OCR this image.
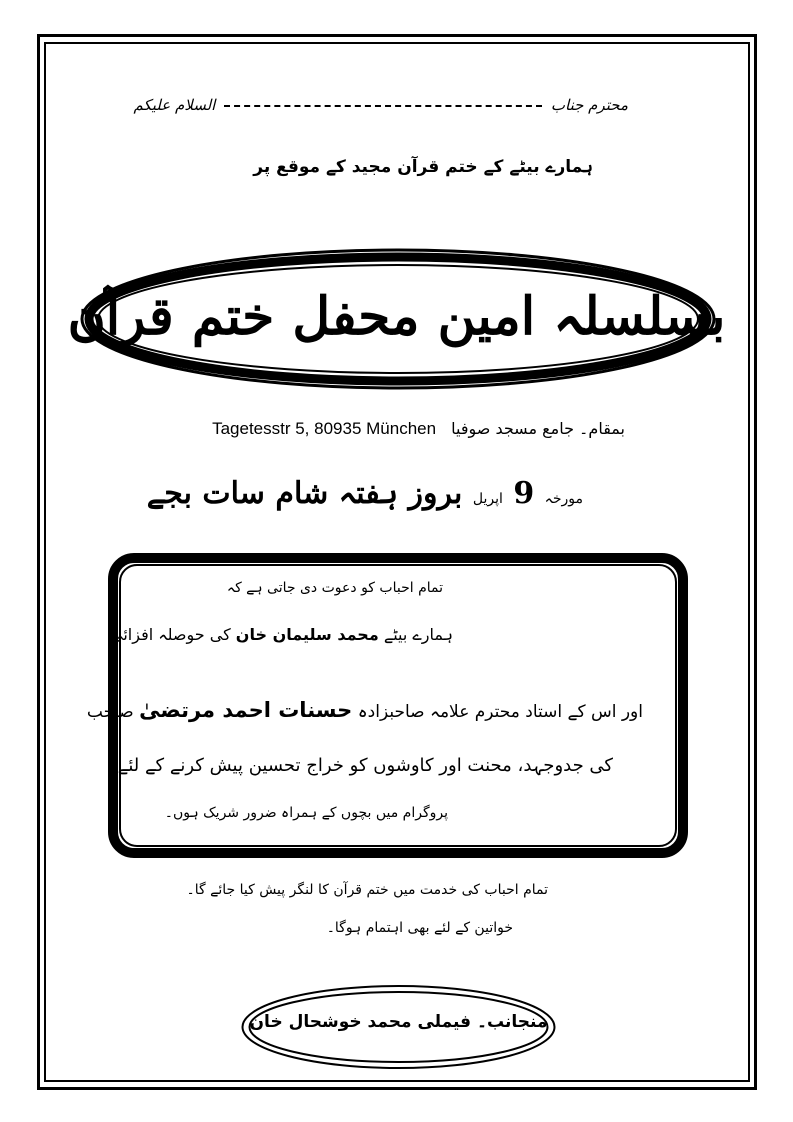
محترم جناب  السلام علیکم
ہمارے بیٹے کے ختم قرآن مجید کے موقع پر
بسلسلہ امین محفل ختم قرآن
بمقام۔ جامع مسجد صوفیا Tagetesstr 5, 80935 München
مورخہ 9 اپریل بروز ہفتہ شام سات بجے
تمام احباب کو دعوت دی جاتی ہے کہ
ہمارے بیٹے محمد سلیمان خان کی حوصلہ افزائی
اور اس کے استاد محترم علامہ صاحبزادہ حسنات احمد مرتضیٰ صاحب
کی جدوجہد، محنت اور کاوشوں کو خراج تحسین پیش کرنے کے لئے
پروگرام میں بچوں کے ہمراہ ضرور شریک ہوں۔
تمام احباب کی خدمت میں ختم قرآن کا لنگر پیش کیا جائے گا۔
خواتین کے لئے بھی اہتمام ہوگا۔
منجانب۔ فیملی محمد خوشحال خان
